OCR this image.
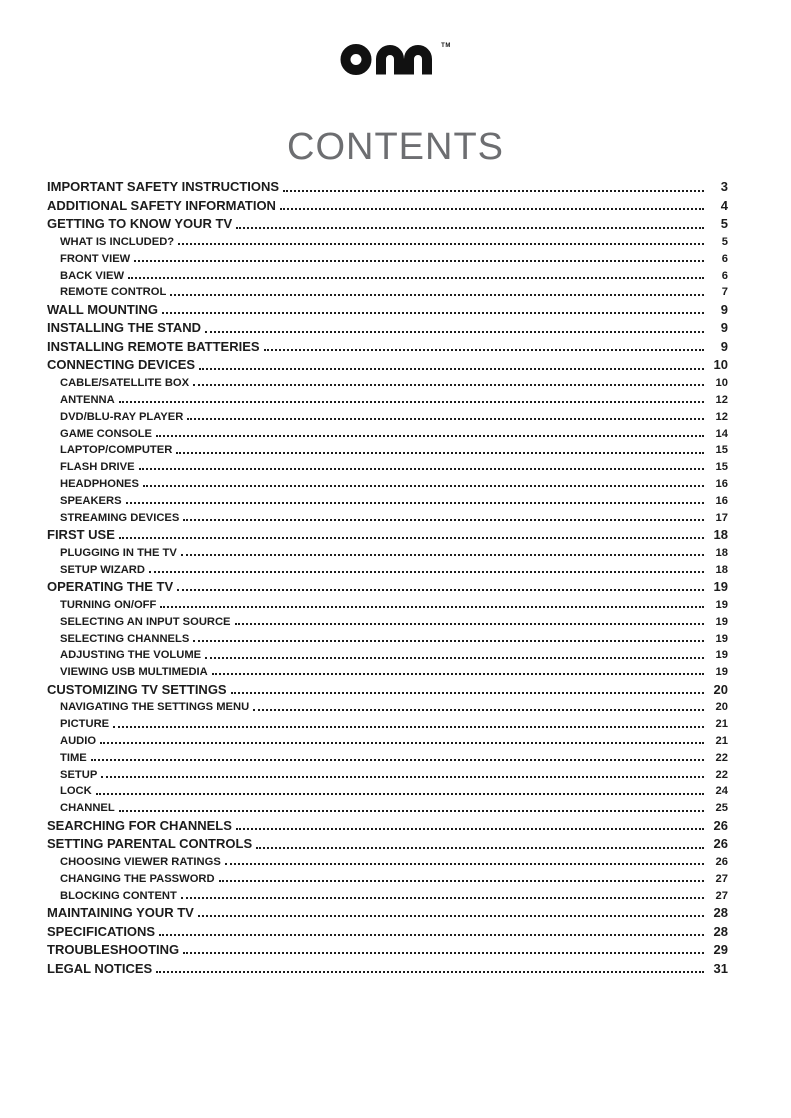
TM
CONTENTS
IMPORTANT SAFETY INSTRUCTIONS	3
ADDITIONAL SAFETY INFORMATION	4
GETTING TO KNOW YOUR TV	5
WHAT IS INCLUDED?	5
FRONT VIEW	6
BACK VIEW	6
REMOTE CONTROL	7
WALL MOUNTING	9
INSTALLING THE STAND	9
INSTALLING REMOTE BATTERIES	9
CONNECTING DEVICES	10
CABLE/SATELLITE BOX	10
ANTENNA	12
DVD/BLU-RAY PLAYER	12
GAME CONSOLE	14
LAPTOP/COMPUTER	15
FLASH DRIVE	15
HEADPHONES	16
SPEAKERS	16
STREAMING DEVICES	17
FIRST USE	18
PLUGGING IN THE TV	18
SETUP WIZARD	18
OPERATING THE TV	19
TURNING ON/OFF	19
SELECTING AN INPUT SOURCE	19
SELECTING CHANNELS	19
ADJUSTING THE VOLUME	19
VIEWING USB MULTIMEDIA	19
CUSTOMIZING TV SETTINGS	20
NAVIGATING THE SETTINGS MENU	20
PICTURE	21
AUDIO	21
TIME	22
SETUP	22
LOCK	24
CHANNEL	25
SEARCHING FOR CHANNELS	26
SETTING PARENTAL CONTROLS	26
CHOOSING VIEWER RATINGS	26
CHANGING THE PASSWORD	27
BLOCKING CONTENT	27
MAINTAINING YOUR TV	28
SPECIFICATIONS	28
TROUBLESHOOTING	29
LEGAL NOTICES	31
